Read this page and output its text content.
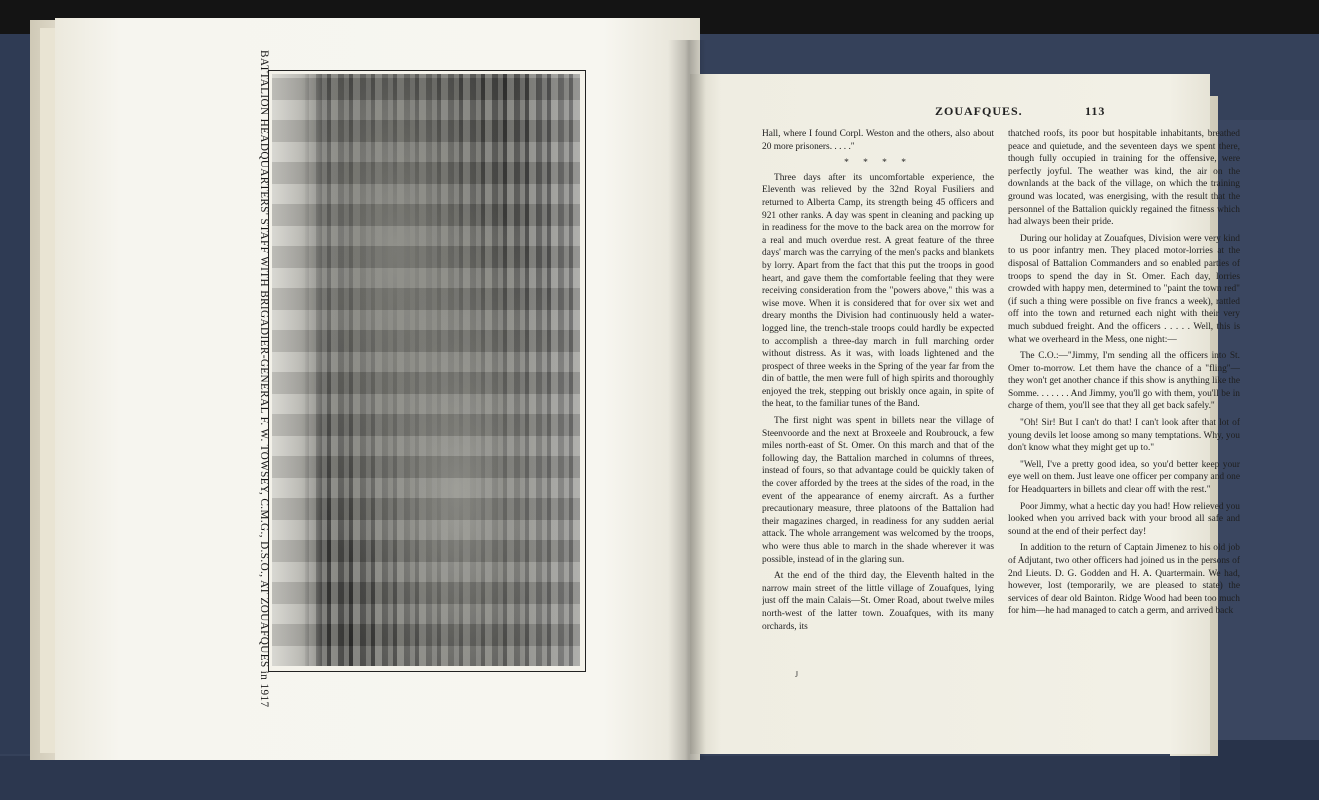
BATTALION HEADQUARTERS' STAFF WITH BRIGADIER-GENERAL F. W. TOWSEY, C.M.G., D.S.O., AT ZOUAFQUES in 1917	ZOUAFQUES.	113

Hall, where I found Corpl. Weston and the others, also about 20 more prisoners. . . . ."

* * * *

Three days after its uncomfortable experience, the Eleventh was relieved by the 32nd Royal Fusiliers and returned to Alberta Camp, its strength being 45 officers and 921 other ranks. A day was spent in cleaning and packing up in readiness for the move to the back area on the morrow for a real and much overdue rest. A great feature of the three days' march was the carrying of the men's packs and blankets by lorry. Apart from the fact that this put the troops in good heart, and gave them the comfortable feeling that they were receiving consideration from the "powers above," this was a wise move. When it is considered that for over six wet and dreary months the Division had continuously held a water-logged line, the trench-stale troops could hardly be expected to accomplish a three-day march in full marching order without distress. As it was, with loads lightened and the prospect of three weeks in the Spring of the year far from the din of battle, the men were full of high spirits and thoroughly enjoyed the trek, stepping out briskly once again, in spite of the heat, to the familiar tunes of the Band.

The first night was spent in billets near the village of Steenvoorde and the next at Broxeele and Roubrouck, a few miles north-east of St. Omer. On this march and that of the following day, the Battalion marched in columns of threes, instead of fours, so that advantage could be quickly taken of the cover afforded by the trees at the sides of the road, in the event of the appearance of enemy aircraft. As a further precautionary measure, three platoons of the Battalion had their magazines charged, in readiness for any sudden aerial attack. The whole arrangement was welcomed by the troops, who were thus able to march in the shade wherever it was possible, instead of in the glaring sun.

At the end of the third day, the Eleventh halted in the narrow main street of the little village of Zouafques, lying just off the main Calais—St. Omer Road, about twelve miles north-west of the latter town. Zouafques, with its many orchards, its

thatched roofs, its poor but hospitable inhabitants, breathed peace and quietude, and the seventeen days we spent there, though fully occupied in training for the offensive, were perfectly joyful. The weather was kind, the air on the downlands at the back of the village, on which the training ground was located, was energising, with the result that the personnel of the Battalion quickly regained the fitness which had always been their pride.

During our holiday at Zouafques, Division were very kind to us poor infantry men. They placed motor-lorries at the disposal of Battalion Commanders and so enabled parties of troops to spend the day in St. Omer. Each day, lorries crowded with happy men, determined to "paint the town red" (if such a thing were possible on five francs a week), rattled off into the town and returned each night with their very much subdued freight. And the officers . . . . . Well, this is what we overheard in the Mess, one night:—

The C.O.:—"Jimmy, I'm sending all the officers into St. Omer to-morrow. Let them have the chance of a "fling"—they won't get another chance if this show is anything like the Somme. . . . . . . And Jimmy, you'll go with them, you'll be in charge of them, you'll see that they all get back safely."

"Oh! Sir! But I can't do that! I can't look after that lot of young devils let loose among so many temptations. Why, you don't know what they might get up to."

"Well, I've a pretty good idea, so you'd better keep your eye well on them. Just leave one officer per company and one for Headquarters in billets and clear off with the rest."

Poor Jimmy, what a hectic day you had! How relieved you looked when you arrived back with your brood all safe and sound at the end of their perfect day!

In addition to the return of Captain Jimenez to his old job of Adjutant, two other officers had joined us in the persons of 2nd Lieuts. D. G. Godden and H. A. Quartermain. We had, however, lost (temporarily, we are pleased to state) the services of dear old Bainton. Ridge Wood had been too much for him—he had managed to catch a germ, and arrived back

J
